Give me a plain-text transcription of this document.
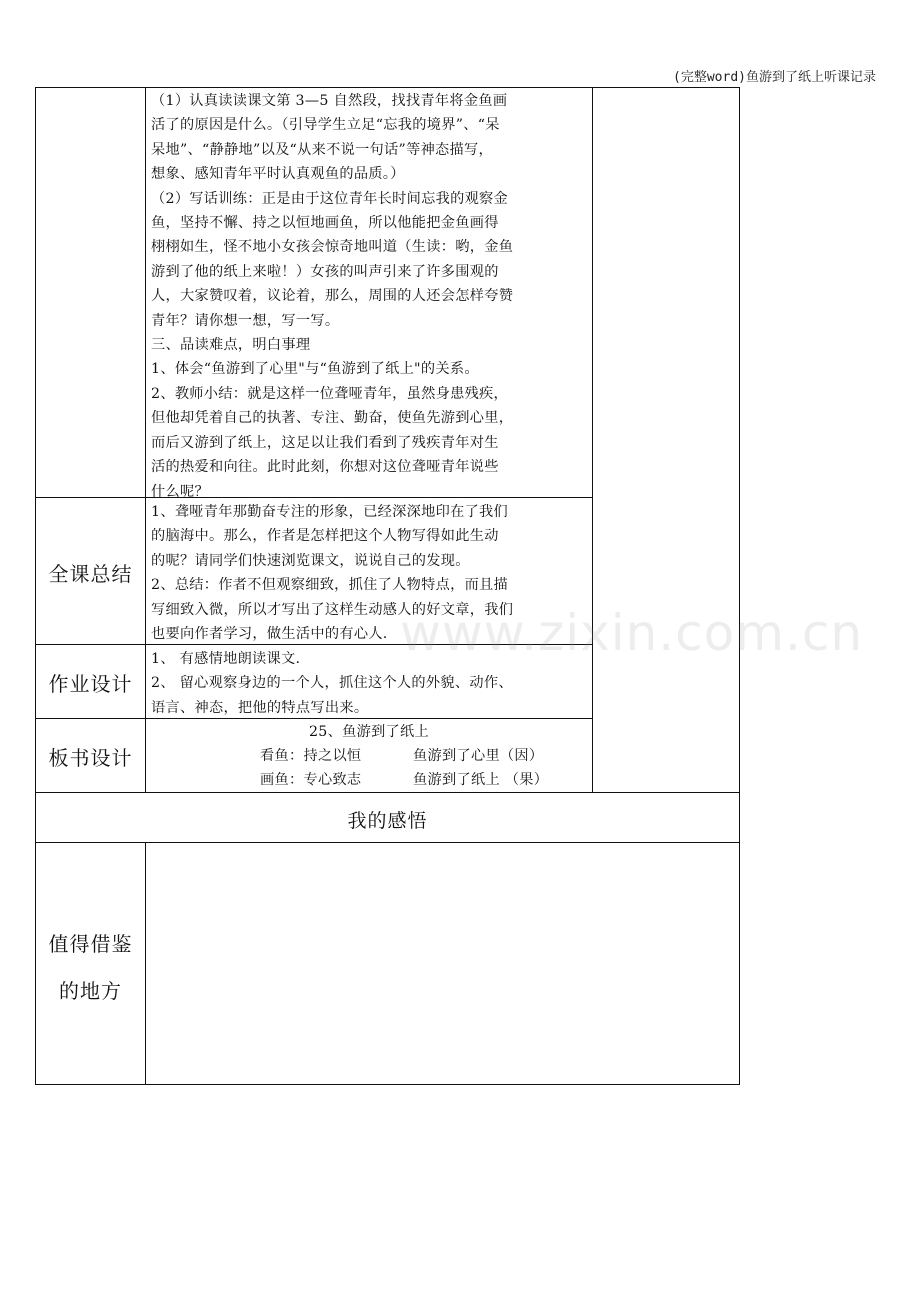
(完整word)鱼游到了纸上听课记录

（1）认真读读课文第 3—5 自然段，找找青年将金鱼画

活了的原因是什么。（引导学生立足“忘我的境界”、“呆

呆地”、“静静地”以及“从来不说一句话”等神态描写，

想象、感知青年平时认真观鱼的品质。）

（2）写话训练：正是由于这位青年长时间忘我的观察金

鱼，坚持不懈、持之以恒地画鱼，所以他能把金鱼画得

栩栩如生，怪不地小女孩会惊奇地叫道（生读：哟，金鱼

游到了他的纸上来啦！）女孩的叫声引来了许多围观的

人，大家赞叹着，议论着，那么，周围的人还会怎样夸赞

青年？请你想一想，写一写。

三、品读难点，明白事理

1、体会“鱼游到了心里"与“鱼游到了纸上"的关系。

2、教师小结：就是这样一位聋哑青年，虽然身患残疾，

但他却凭着自己的执著、专注、勤奋，使鱼先游到心里，

而后又游到了纸上，这足以让我们看到了残疾青年对生

活的热爱和向往。此时此刻，你想对这位聋哑青年说些

什么呢？

全课总结

1、聋哑青年那勤奋专注的形象，已经深深地印在了我们

的脑海中。那么，作者是怎样把这个人物写得如此生动

的呢？请同学们快速浏览课文，说说自己的发现。

2、总结：作者不但观察细致，抓住了人物特点，而且描

写细致入微，所以才写出了这样生动感人的好文章，我们

也要向作者学习，做生活中的有心人.

作业设计

1、 有感情地朗读课文.

2、 留心观察身边的一个人，抓住这个人的外貌、动作、

语言、神态，把他的特点写出来。

板书设计
25、鱼游到了纸上
看鱼：持之以恒	鱼游到了心里（因）
画鱼：专心致志	鱼游到了纸上 （果）
我的感悟
值得借鉴
的地方
www.zixin.com.cn
